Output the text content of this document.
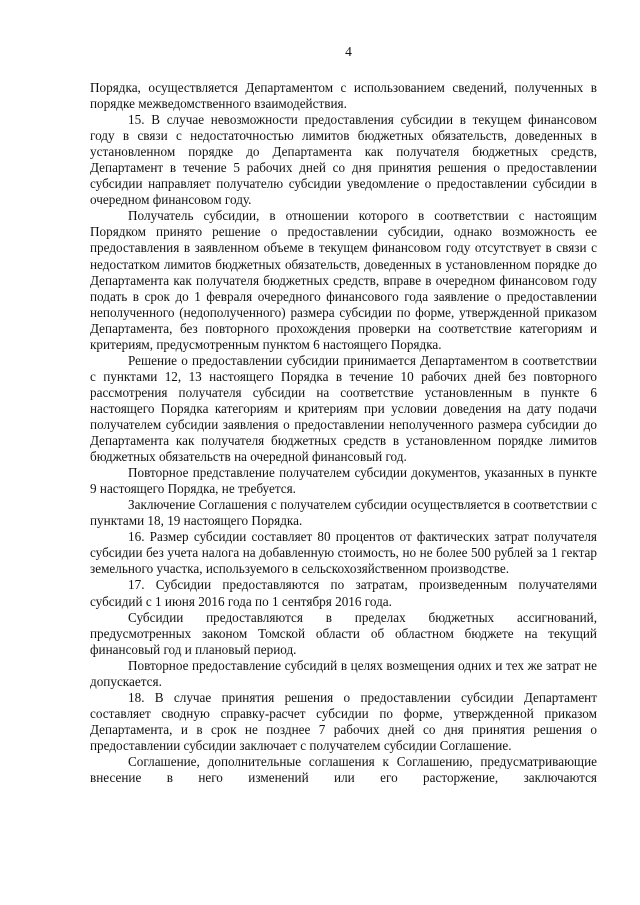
4

Порядка, осуществляется Департаментом с использованием сведений, полученных в порядке межведомственного взаимодействия.

15. В случае невозможности предоставления субсидии в текущем финансовом году в связи с недостаточностью лимитов бюджетных обязательств, доведенных в установленном порядке до Департамента как получателя бюджетных средств, Департамент в течение 5 рабочих дней со дня принятия решения о предоставлении субсидии направляет получателю субсидии уведомление о предоставлении субсидии в очередном финансовом году.

Получатель субсидии, в отношении которого в соответствии с настоящим Порядком принято решение о предоставлении субсидии, однако возможность ее предоставления в заявленном объеме в текущем финансовом году отсутствует в связи с недостатком лимитов бюджетных обязательств, доведенных в установленном порядке до Департамента как получателя бюджетных средств, вправе в очередном финансовом году подать в срок до 1 февраля очередного финансового года заявление о предоставлении неполученного (недополученного) размера субсидии по форме, утвержденной приказом Департамента, без повторного прохождения проверки на соответствие категориям и критериям, предусмотренным пунктом 6 настоящего Порядка.

Решение о предоставлении субсидии принимается Департаментом в соответствии с пунктами 12, 13 настоящего Порядка в течение 10 рабочих дней без повторного рассмотрения получателя субсидии на соответствие установленным в пункте 6 настоящего Порядка категориям и критериям при условии доведения на дату подачи получателем субсидии заявления о предоставлении неполученного размера субсидии до Департамента как получателя бюджетных средств в установленном порядке лимитов бюджетных обязательств на очередной финансовый год.

Повторное представление получателем субсидии документов, указанных в пункте 9 настоящего Порядка, не требуется.

Заключение Соглашения с получателем субсидии осуществляется в соответствии с пунктами 18, 19 настоящего Порядка.

16. Размер субсидии составляет 80 процентов от фактических затрат получателя субсидии без учета налога на добавленную стоимость, но не более 500 рублей за 1 гектар земельного участка, используемого в сельскохозяйственном производстве.

17. Субсидии предоставляются по затратам, произведенным получателями субсидий с 1 июня 2016 года по 1 сентября 2016 года.

Субсидии предоставляются в пределах бюджетных ассигнований, предусмотренных законом Томской области об областном бюджете на текущий финансовый год и плановый период.

Повторное предоставление субсидий в целях возмещения одних и тех же затрат не допускается.

18. В случае принятия решения о предоставлении субсидии Департамент составляет сводную справку-расчет субсидии по форме, утвержденной приказом Департамента, и в срок не позднее 7 рабочих дней со дня принятия решения о предоставлении субсидии заключает с получателем субсидии Соглашение.

Соглашение, дополнительные соглашения к Соглашению, предусматривающие внесение в него изменений или его расторжение, заключаются
